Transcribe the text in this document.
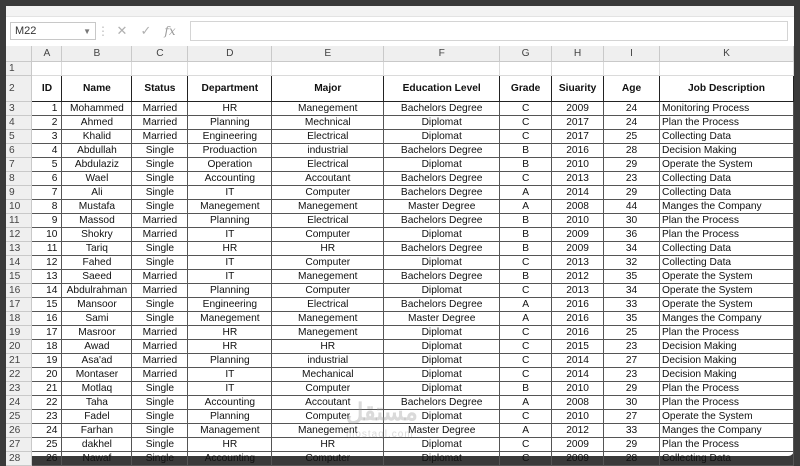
M22	▼ ⋮ ✕	✓	fx
	A	B	C	D	E	F	G	H	I	K
1										
2	ID	Name	Status	Department	Major	Education Level	Grade	Siuarity	Age	Job Description
3	1	Mohammed	Married	HR	Manegement	Bachelors Degree	C	2009	24	Monitoring Process
4	2	Ahmed	Married	Planning	Mechnical	Diplomat	C	2017	24	Plan the Process
5	3	Khalid	Married	Engineering	Electrical	Diplomat	C	2017	25	Collecting Data
6	4	Abdullah	Single	Produaction	industrial	Bachelors Degree	B	2016	28	Decision Making
7	5	Abdulaziz	Single	Operation	Electrical	Diplomat	B	2010	29	Operate the System
8	6	Wael	Single	Accounting	Accoutant	Bachelors Degree	C	2013	23	Collecting Data
9	7	Ali	Single	IT	Computer	Bachelors Degree	A	2014	29	Collecting Data
10	8	Mustafa	Single	Manegement	Manegement	Master Degree	A	2008	44	Manges the Company
11	9	Massod	Married	Planning	Electrical	Bachelors Degree	B	2010	30	Plan the Process
12	10	Shokry	Married	IT	Computer	Diplomat	B	2009	36	Plan the Process
13	11	Tariq	Single	HR	HR	Bachelors Degree	B	2009	34	Collecting Data
14	12	Fahed	Single	IT	Computer	Diplomat	C	2013	32	Collecting Data
15	13	Saeed	Married	IT	Manegement	Bachelors Degree	B	2012	35	Operate the System
16	14	Abdulrahman	Married	Planning	Computer	Diplomat	C	2013	34	Operate the System
17	15	Mansoor	Single	Engineering	Electrical	Bachelors Degree	A	2016	33	Operate the System
18	16	Sami	Single	Manegement	Manegement	Master Degree	A	2016	35	Manges the Company
19	17	Masroor	Married	HR	Manegement	Diplomat	C	2016	25	Plan the Process
20	18	Awad	Married	HR	HR	Diplomat	C	2015	23	Decision Making
21	19	Asa'ad	Married	Planning	industrial	Diplomat	C	2014	27	Decision Making
22	20	Montaser	Married	IT	Mechanical	Diplomat	C	2014	23	Decision Making
23	21	Motlaq	Single	IT	Computer	Diplomat	B	2010	29	Plan the Process
24	22	Taha	Single	Accounting	Accoutant	Bachelors Degree	A	2008	30	Plan the Process
25	23	Fadel	Single	Planning	Computer	Diplomat	C	2010	27	Operate the System
26	24	Farhan	Single	Management	Manegement	Master Degree	A	2012	33	Manges the Company
27	25	dakhel	Single	HR	HR	Diplomat	C	2009	29	Plan the Process
28	26	Nawaf	Single	Accounting	Computer	Diplomat	C	2009	28	Collecting Data
مستقل
mostaql.com
